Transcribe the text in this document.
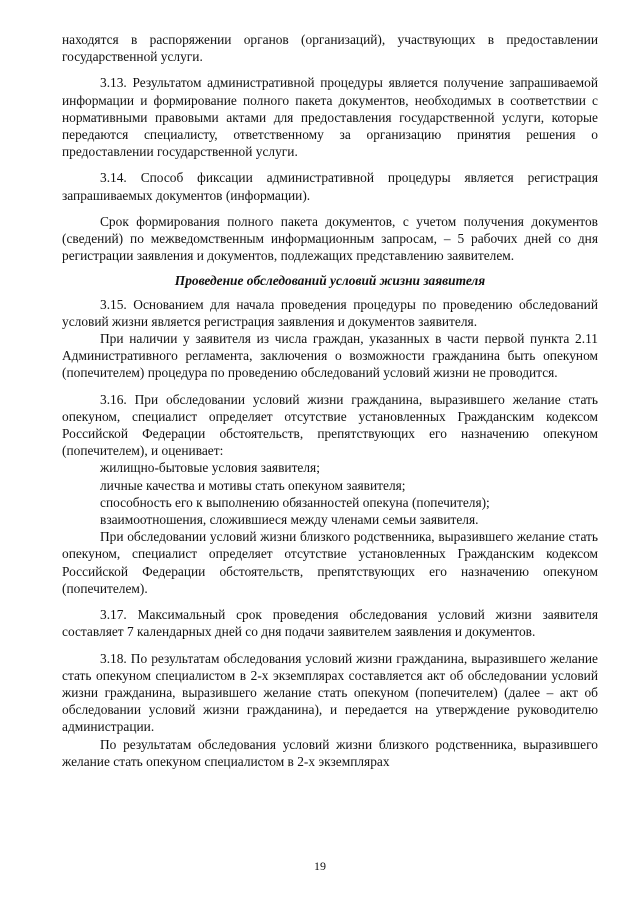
находятся в распоряжении органов (организаций), участвующих в предоставлении государственной услуги.

3.13. Результатом административной процедуры является получение запрашиваемой информации и формирование полного пакета документов, необходимых в соответствии с нормативными правовыми актами для предоставления государственной услуги, которые передаются специалисту, ответственному за организацию принятия решения о предоставлении государственной услуги.

3.14. Способ фиксации административной процедуры является регистрация запрашиваемых документов (информации).

Срок формирования полного пакета документов, с учетом получения документов (сведений) по межведомственным информационным запросам, – 5 рабочих дней со дня регистрации заявления и документов, подлежащих представлению заявителем.

Проведение обследований условий жизни заявителя

3.15. Основанием для начала проведения процедуры по проведению обследований условий жизни является регистрация заявления и документов заявителя.

При наличии у заявителя из числа граждан, указанных в части первой пункта 2.11 Административного регламента, заключения о возможности гражданина быть опекуном (попечителем) процедура по проведению обследований условий жизни не проводится.

3.16. При обследовании условий жизни гражданина, выразившего желание стать опекуном, специалист определяет отсутствие установленных Гражданским кодексом Российской Федерации обстоятельств, препятствующих его назначению опекуном (попечителем), и оценивает:

жилищно-бытовые условия заявителя;

личные качества и мотивы стать опекуном заявителя;

способность его к выполнению обязанностей опекуна (попечителя);

взаимоотношения, сложившиеся между членами семьи заявителя.

При обследовании условий жизни близкого родственника, выразившего желание стать опекуном, специалист определяет отсутствие установленных Гражданским кодексом Российской Федерации обстоятельств, препятствующих его назначению опекуном (попечителем).

3.17. Максимальный срок проведения обследования условий жизни заявителя составляет 7 календарных дней со дня подачи заявителем заявления и документов.

3.18. По результатам обследования условий жизни гражданина, выразившего желание стать опекуном специалистом в 2-х экземплярах составляется акт об обследовании условий жизни гражданина, выразившего желание стать опекуном (попечителем) (далее – акт об обследовании условий жизни гражданина), и передается на утверждение руководителю администрации.

По результатам обследования условий жизни близкого родственника, выразившего желание стать опекуном специалистом в 2-х экземплярах

19
